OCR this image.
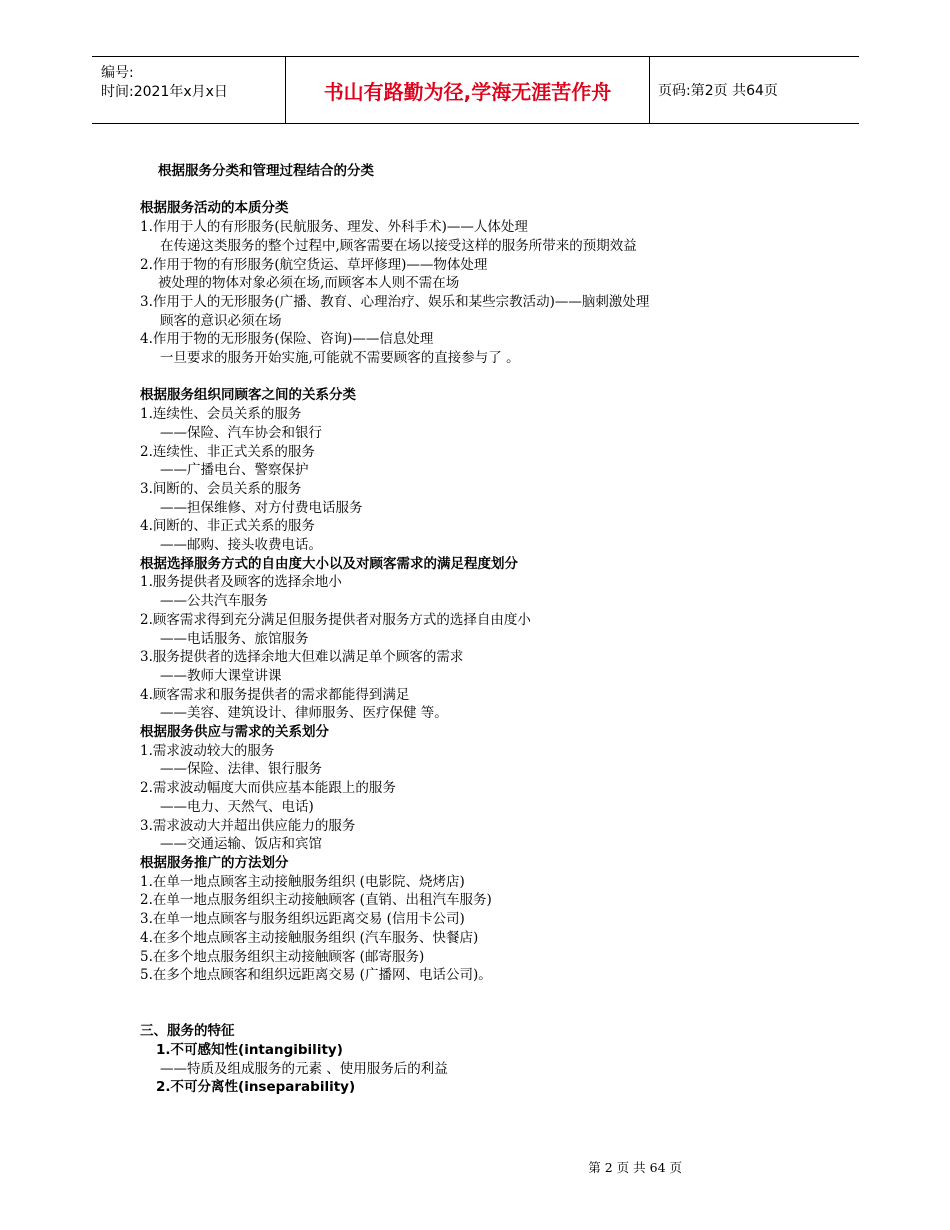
编号:
时间:2021年x月x日	书山有路勤为径,学海无涯苦作舟	页码:第2页 共64页
根据服务分类和管理过程结合的分类
根据服务活动的本质分类
1.作用于人的有形服务(民航服务、理发、外科手术)——人体处理
在传递这类服务的整个过程中,顾客需要在场以接受这样的服务所带来的预期效益
2.作用于物的有形服务(航空货运、草坪修理)——物体处理
被处理的物体对象必须在场,而顾客本人则不需在场
3.作用于人的无形服务(广播、教育、心理治疗、娱乐和某些宗教活动)——脑刺激处理
顾客的意识必须在场
4.作用于物的无形服务(保险、咨询)——信息处理
一旦要求的服务开始实施,可能就不需要顾客的直接参与了 。
根据服务组织同顾客之间的关系分类
1.连续性、会员关系的服务
——保险、汽车协会和银行
2.连续性、非正式关系的服务
——广播电台、警察保护
3.间断的、会员关系的服务
——担保维修、对方付费电话服务
4.间断的、非正式关系的服务
——邮购、接头收费电话。
根据选择服务方式的自由度大小以及对顾客需求的满足程度划分
1.服务提供者及顾客的选择余地小
——公共汽车服务
2.顾客需求得到充分满足但服务提供者对服务方式的选择自由度小
——电话服务、旅馆服务
3.服务提供者的选择余地大但难以满足单个顾客的需求
——教师大课堂讲课
4.顾客需求和服务提供者的需求都能得到满足
——美容、建筑设计、律师服务、医疗保健 等。
根据服务供应与需求的关系划分
1.需求波动较大的服务
——保险、法律、银行服务
2.需求波动幅度大而供应基本能跟上的服务
——电力、天然气、电话)
3.需求波动大并超出供应能力的服务
——交通运输、饭店和宾馆
根据服务推广的方法划分
1.在单一地点顾客主动接触服务组织 (电影院、烧烤店)
2.在单一地点服务组织主动接触顾客 (直销、出租汽车服务)
3.在单一地点顾客与服务组织远距离交易 (信用卡公司)
4.在多个地点顾客主动接触服务组织 (汽车服务、快餐店)
5.在多个地点服务组织主动接触顾客 (邮寄服务)
5.在多个地点顾客和组织远距离交易 (广播网、电话公司)。
三、服务的特征
1.不可感知性(intangibility)
——特质及组成服务的元素 、使用服务后的利益
2.不可分离性(inseparability)
第 2 页 共 64 页
